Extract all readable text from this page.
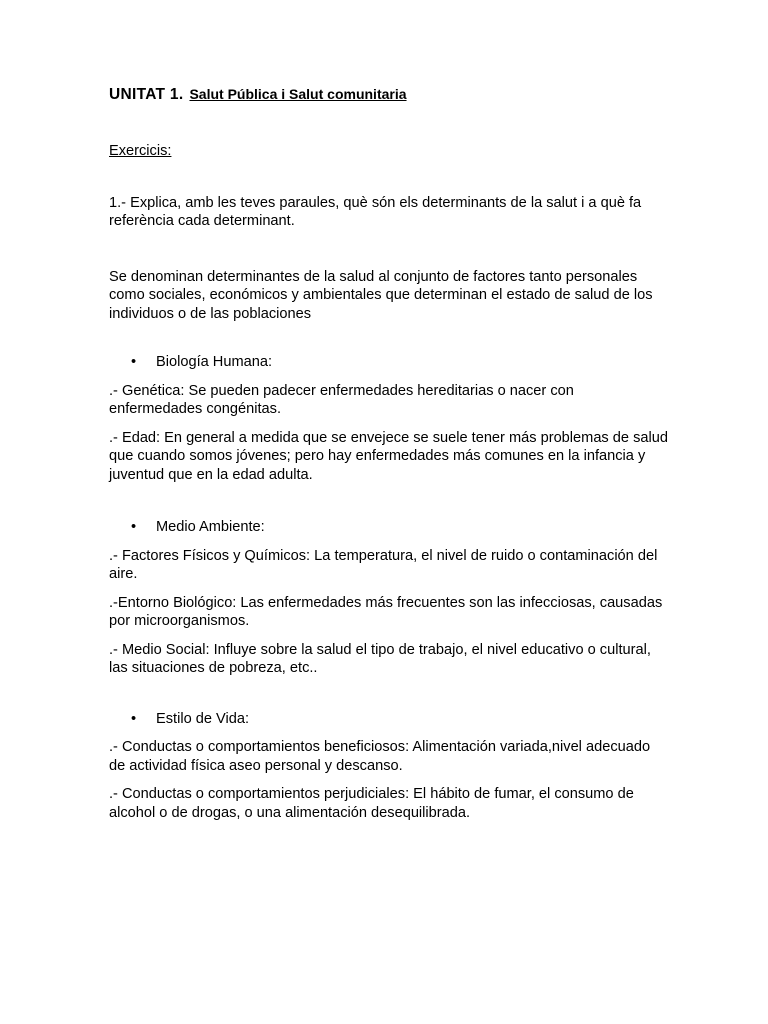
UNITAT 1. Salut Pública i Salut comunitaria

Exercicis:

1.- Explica, amb les teves paraules, què són els determinants de la salut i a què fa referència cada determinant.

Se denominan determinantes de la salud al conjunto de factores tanto personales como sociales, económicos y ambientales que determinan el estado de salud de los individuos o de las poblaciones

• Biología Humana:

.- Genética: Se pueden padecer enfermedades hereditarias o nacer con enfermedades congénitas.

.- Edad: En general a medida que se envejece se suele tener más problemas de salud que cuando somos jóvenes; pero hay enfermedades más comunes en la infancia y juventud que en la edad adulta.

• Medio Ambiente:

.- Factores Físicos y Químicos: La temperatura, el nivel de ruido o contaminación del aire.

.-Entorno Biológico: Las enfermedades más frecuentes son las infecciosas, causadas por microorganismos.

.- Medio Social: Influye sobre la salud el tipo de trabajo, el nivel educativo o cultural, las situaciones de pobreza, etc..

• Estilo de Vida:

.- Conductas o comportamientos beneficiosos: Alimentación variada,nivel adecuado de actividad física aseo personal y descanso.

.- Conductas o comportamientos perjudiciales: El hábito de fumar, el consumo de alcohol o de drogas, o una alimentación desequilibrada.
